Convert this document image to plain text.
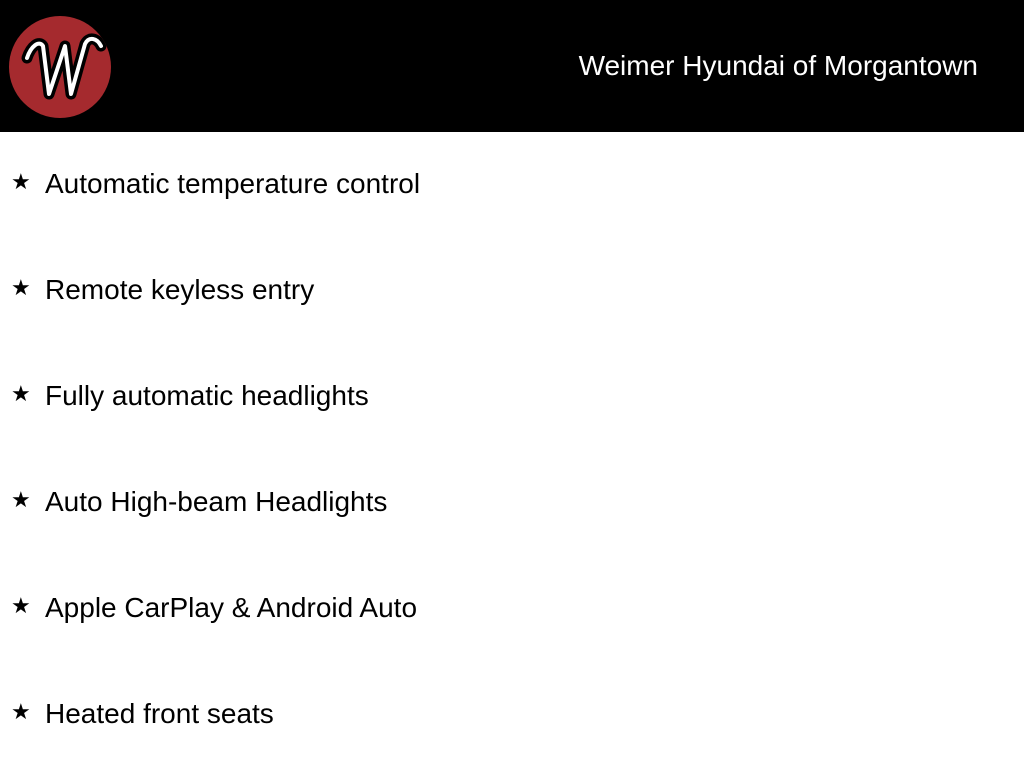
Weimer Hyundai of Morgantown
★ Automatic temperature control
★ Remote keyless entry
★ Fully automatic headlights
★ Auto High-beam Headlights
★ Apple CarPlay & Android Auto
★ Heated front seats
